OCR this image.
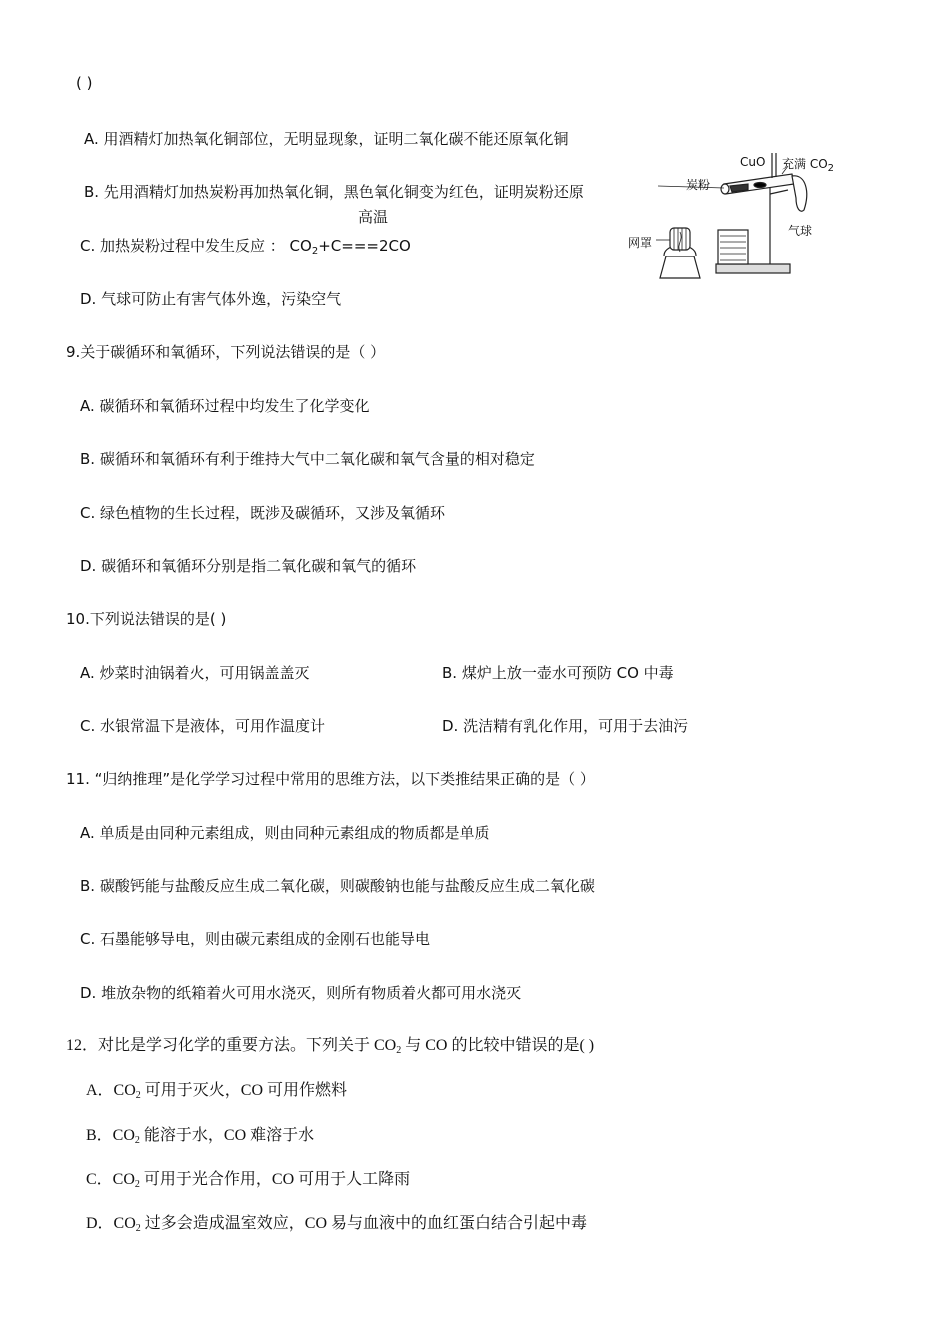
( )
A. 用酒精灯加热氧化铜部位，无明显现象，证明二氧化碳不能还原氧化铜
B. 先用酒精灯加热炭粉再加热氧化铜，黑色氧化铜变为红色，证明炭粉还原
高温
C. 加热炭粉过程中发生反应 ： $CO_2+C===2CO$
D. 气球可防止有害气体外逸，污染空气
CuO 充满 $CO_2$
炭粉
气球
网罩
9.关于碳循环和氧循环，下列说法错误的是（ ）
A. 碳循环和氧循环过程中均发生了化学变化
B. 碳循环和氧循环有利于维持大气中二氧化碳和氧气含量的相对稳定
C. 绿色植物的生长过程，既涉及碳循环，又涉及氧循环
D. 碳循环和氧循环分别是指二氧化碳和氧气的循环
10.下列说法错误的是( )
A. 炒菜时油锅着火，可用锅盖盖灭	B. 煤炉上放一壶水可预防 CO 中毒
C. 水银常温下是液体，可用作温度计	D. 洗洁精有乳化作用，可用于去油污
11. “归纳推理”是化学学习过程中常用的思维方法，以下类推结果正确的是（ ）
A. 单质是由同种元素组成，则由同种元素组成的物质都是单质
B. 碳酸钙能与盐酸反应生成二氧化碳，则碳酸钠也能与盐酸反应生成二氧化碳
C. 石墨能够导电，则由碳元素组成的金刚石也能导电
D. 堆放杂物的纸箱着火可用水浇灭，则所有物质着火都可用水浇灭
12．对比是学习化学的重要方法。下列关于 $CO_2$ 与 CO 的比较中错误的是( )
A．$CO_2$ 可用于灭火，CO 可用作燃料
B．$CO_2$ 能溶于水，CO 难溶于水
C．$CO_2$ 可用于光合作用，CO 可用于人工降雨
D．$CO_2$ 过多会造成温室效应，CO 易与血液中的血红蛋白结合引起中毒
